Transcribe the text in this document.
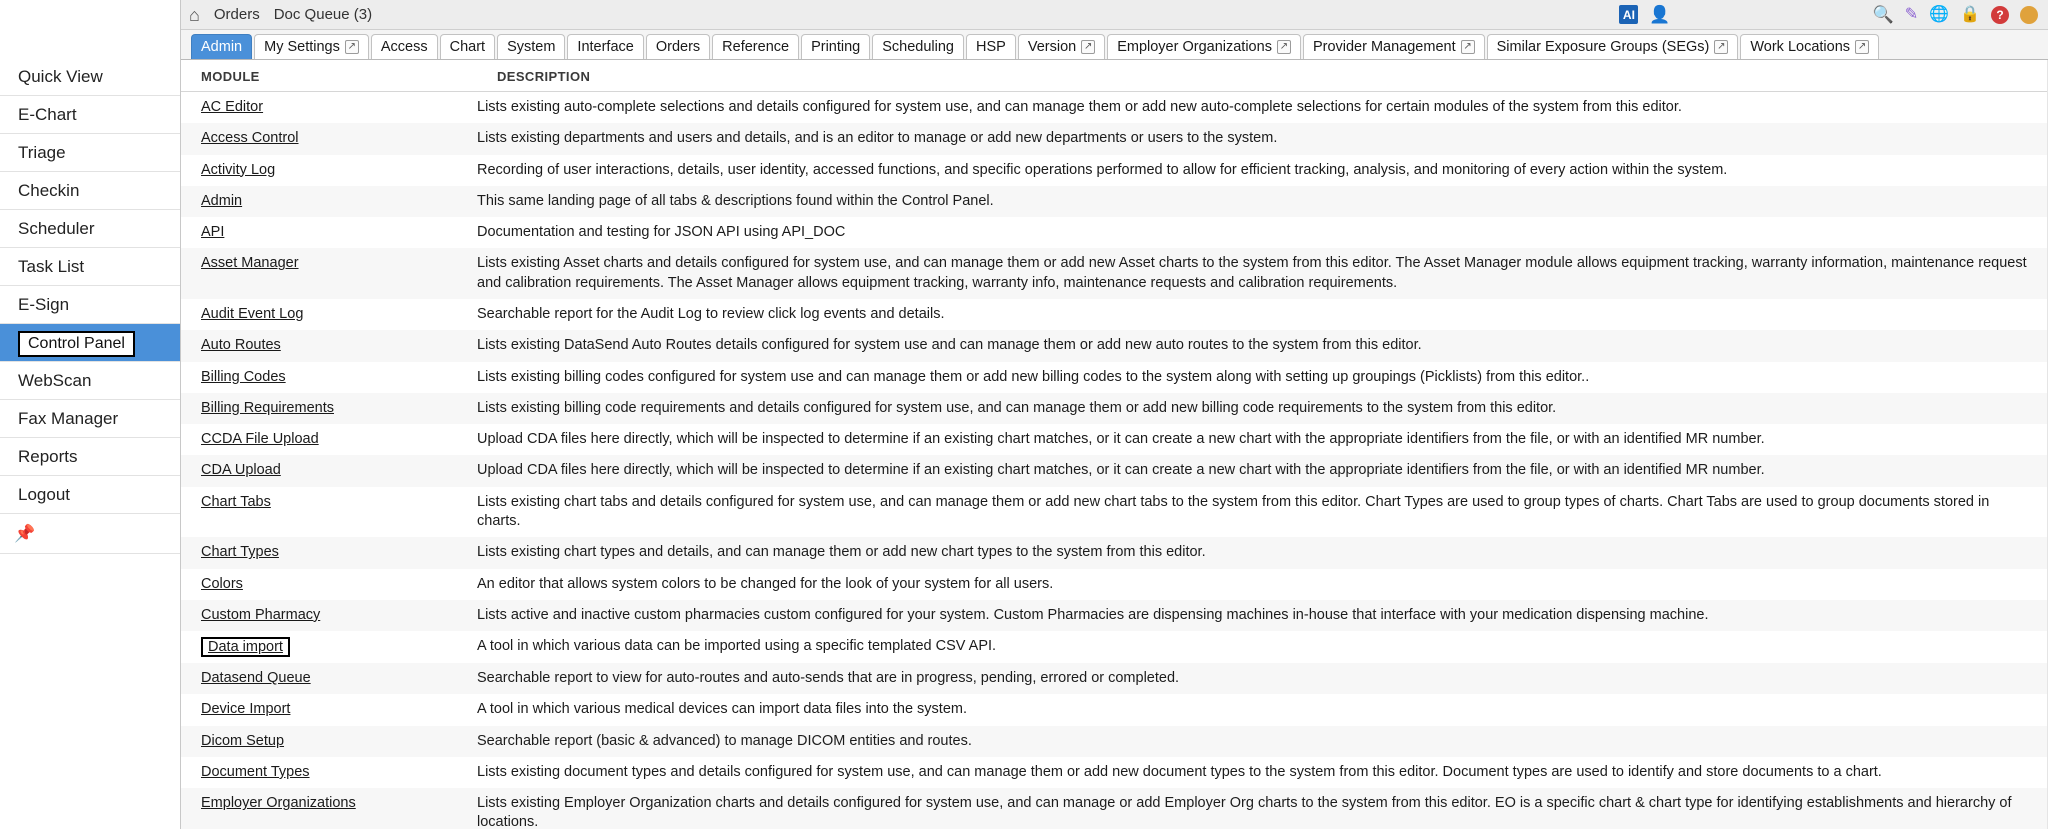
Quick View
E-Chart
Triage
Checkin
Scheduler
Task List
E-Sign
Control Panel
WebScan
Fax Manager
Reports
Logout
📌
⌂ Orders Doc Queue (3)	AI 👤	🔍 ✎ 🌐 🔒	?
Admin My Settings ↗ Access Chart System Interface Orders Reference Printing Scheduling HSP Version ↗ Employer Organizations ↗ Provider Management ↗ Similar Exposure Groups (SEGs) ↗ Work Locations ↗
MODULE	DESCRIPTION
AC Editor	Lists existing auto-complete selections and details configured for system use, and can manage them or add new auto-complete selections for certain modules of the system from this editor.
Access Control	Lists existing departments and users and details, and is an editor to manage or add new departments or users to the system.
Activity Log	Recording of user interactions, details, user identity, accessed functions, and specific operations performed to allow for efficient tracking, analysis, and monitoring of every action within the system.
Admin	This same landing page of all tabs & descriptions found within the Control Panel.
API	Documentation and testing for JSON API using API_DOC
Asset Manager	Lists existing Asset charts and details configured for system use, and can manage them or add new Asset charts to the system from this editor. The Asset Manager module allows equipment tracking, warranty information, maintenance request and calibration requirements. The Asset Manager allows equipment tracking, warranty info, maintenance requests and calibration requirements.
Audit Event Log	Searchable report for the Audit Log to review click log events and details.
Auto Routes	Lists existing DataSend Auto Routes details configured for system use and can manage them or add new auto routes to the system from this editor.
Billing Codes	Lists existing billing codes configured for system use and can manage them or add new billing codes to the system along with setting up groupings (Picklists) from this editor..
Billing Requirements	Lists existing billing code requirements and details configured for system use, and can manage them or add new billing code requirements to the system from this editor.
CCDA File Upload	Upload CDA files here directly, which will be inspected to determine if an existing chart matches, or it can create a new chart with the appropriate identifiers from the file, or with an identified MR number.
CDA Upload	Upload CDA files here directly, which will be inspected to determine if an existing chart matches, or it can create a new chart with the appropriate identifiers from the file, or with an identified MR number.
Chart Tabs	Lists existing chart tabs and details configured for system use, and can manage them or add new chart tabs to the system from this editor. Chart Types are used to group types of charts. Chart Tabs are used to group documents stored in charts.
Chart Types	Lists existing chart types and details, and can manage them or add new chart types to the system from this editor.
Colors	An editor that allows system colors to be changed for the look of your system for all users.
Custom Pharmacy	Lists active and inactive custom pharmacies custom configured for your system. Custom Pharmacies are dispensing machines in-house that interface with your medication dispensing machine.
Data import	A tool in which various data can be imported using a specific templated CSV API.
Datasend Queue	Searchable report to view for auto-routes and auto-sends that are in progress, pending, errored or completed.
Device Import	A tool in which various medical devices can import data files into the system.
Dicom Setup	Searchable report (basic & advanced) to manage DICOM entities and routes.
Document Types	Lists existing document types and details configured for system use, and can manage them or add new document types to the system from this editor. Document types are used to identify and store documents to a chart.
Employer Organizations	Lists existing Employer Organization charts and details configured for system use, and can manage or add Employer Org charts to the system from this editor. EO is a specific chart & chart type for identifying establishments and hierarchy of locations.
